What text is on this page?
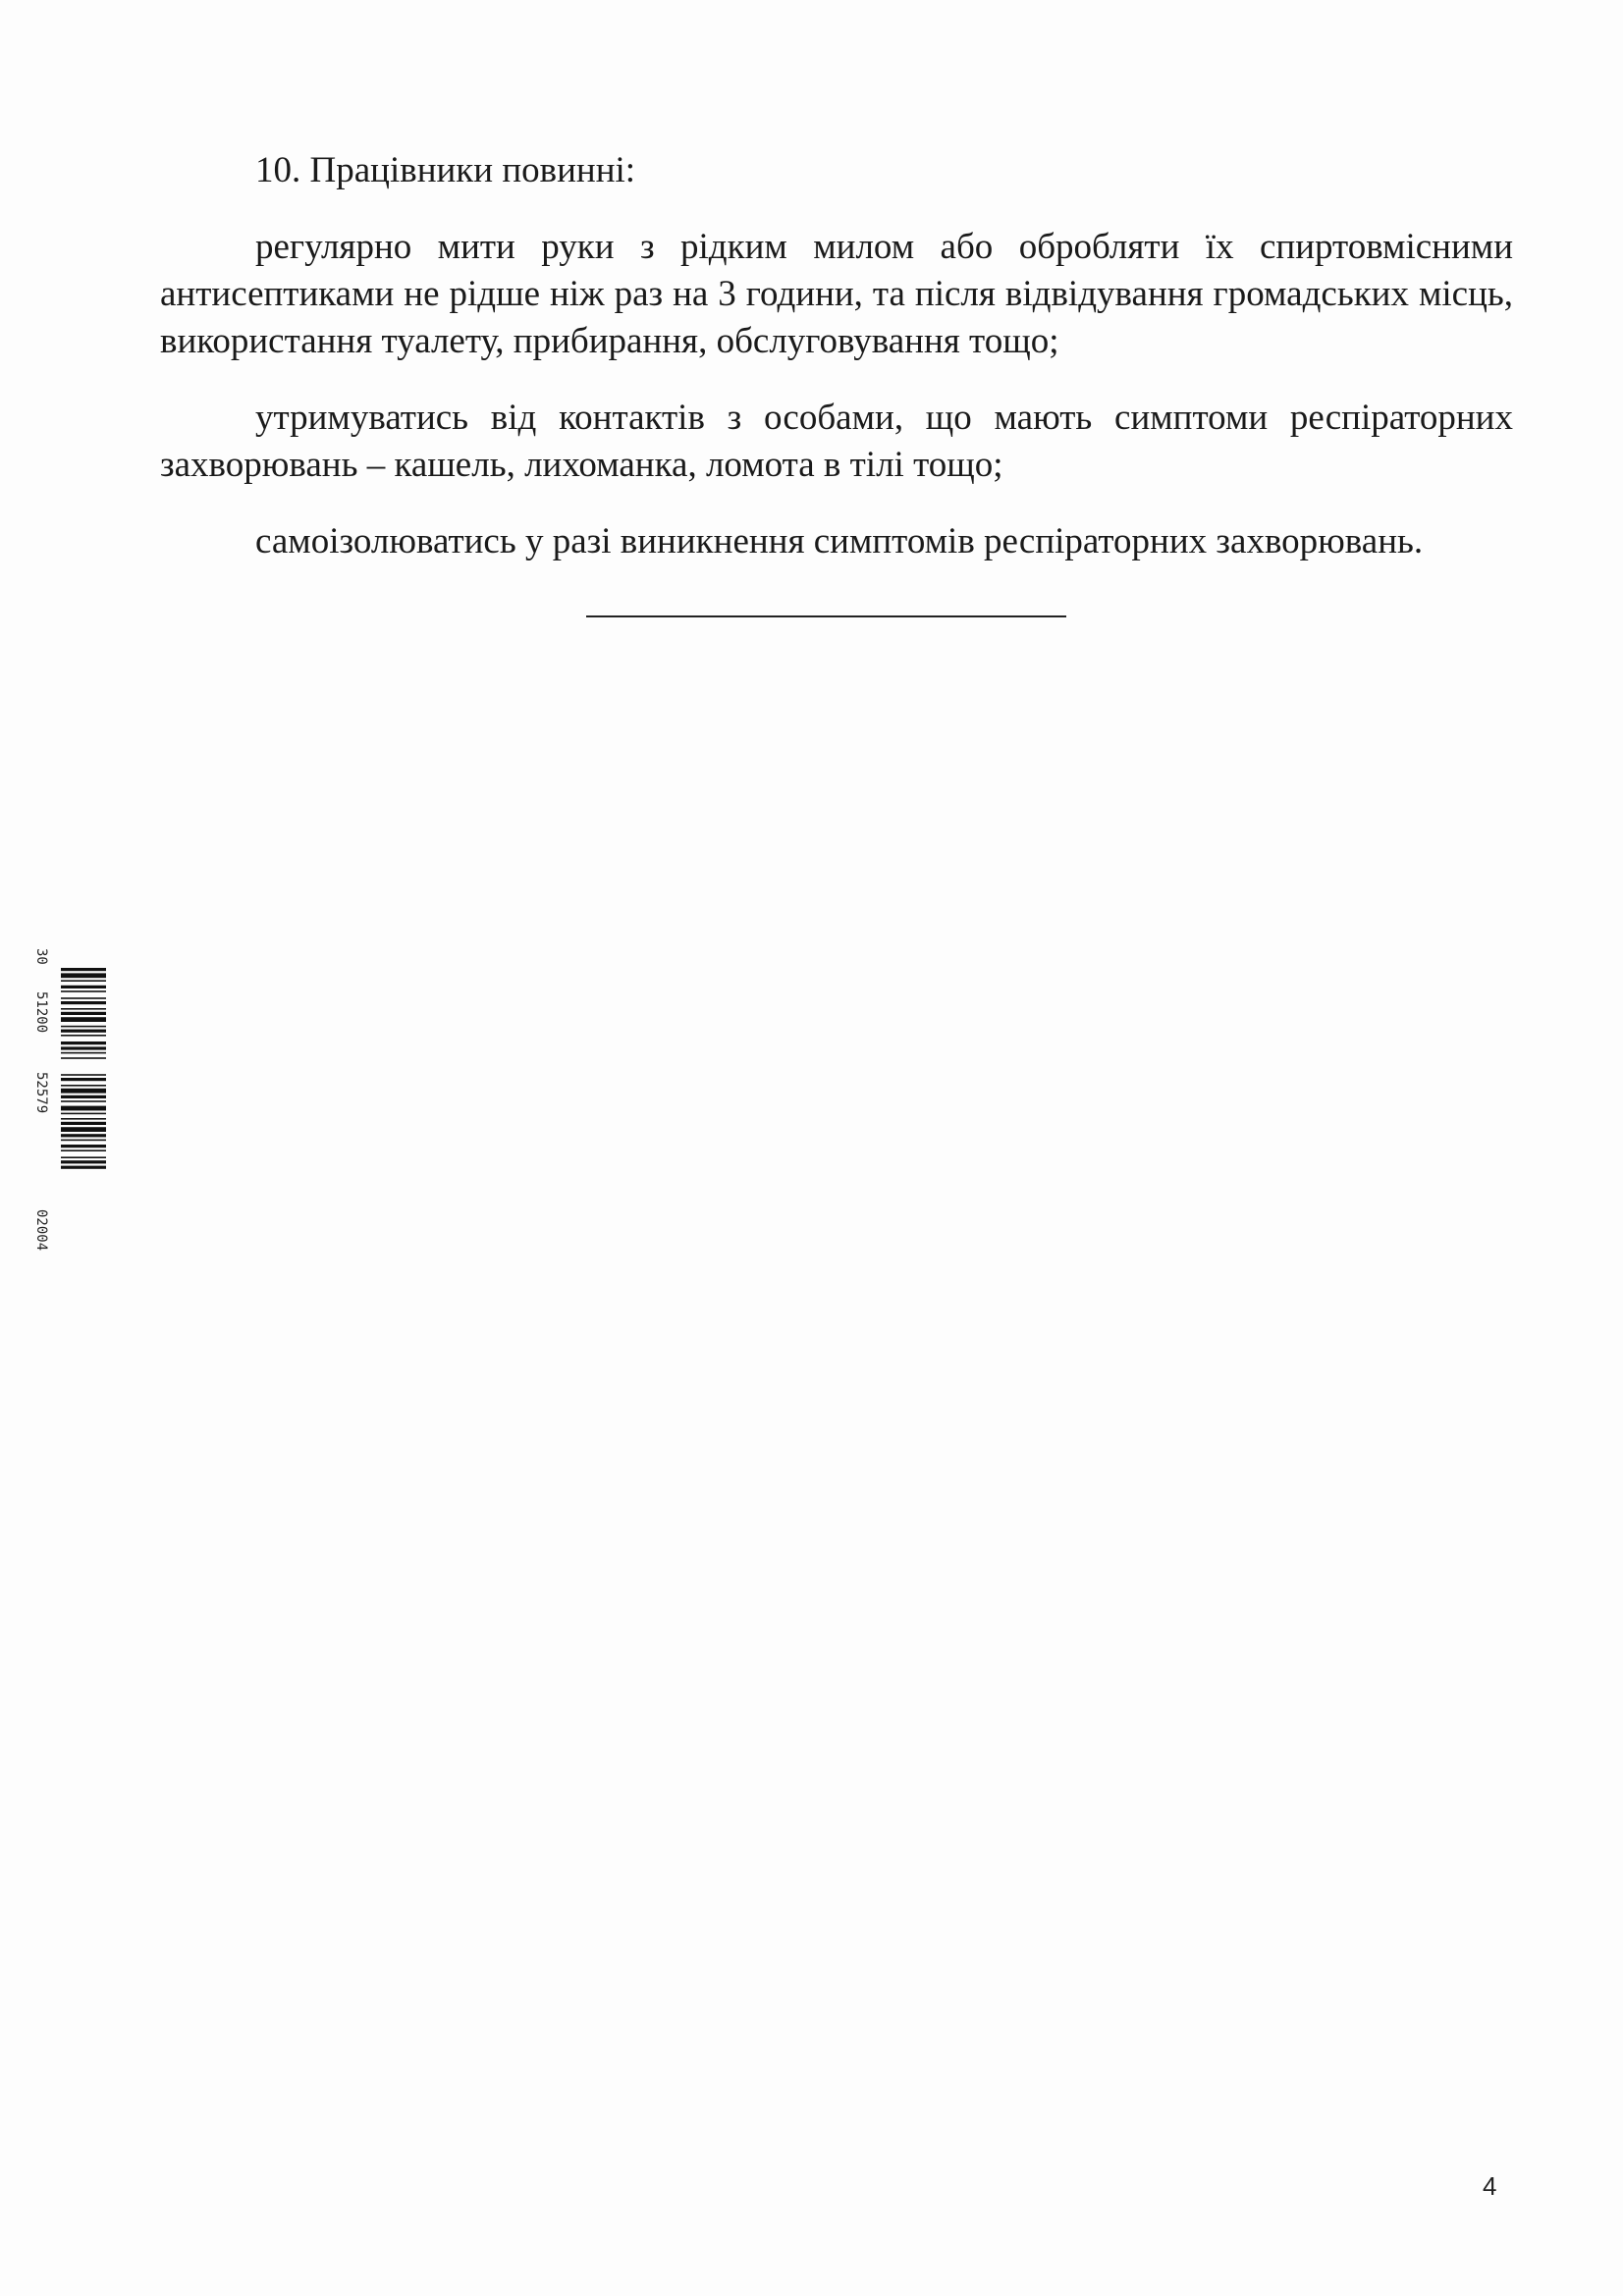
10. Працівники повинні:

регулярно мити руки з рідким милом або обробляти їх спиртовмісними антисептиками не рідше ніж раз на 3 години, та після відвідування громадських місць, використання туалету, прибирання, обслуговування тощо;

утримуватись від контактів з особами, що мають симптоми респіраторних захворювань – кашель, лихоманка, ломота в тілі тощо;

самоізолюватись у разі виникнення симптомів респіраторних захворювань.

30
51200
52579
02004
4
